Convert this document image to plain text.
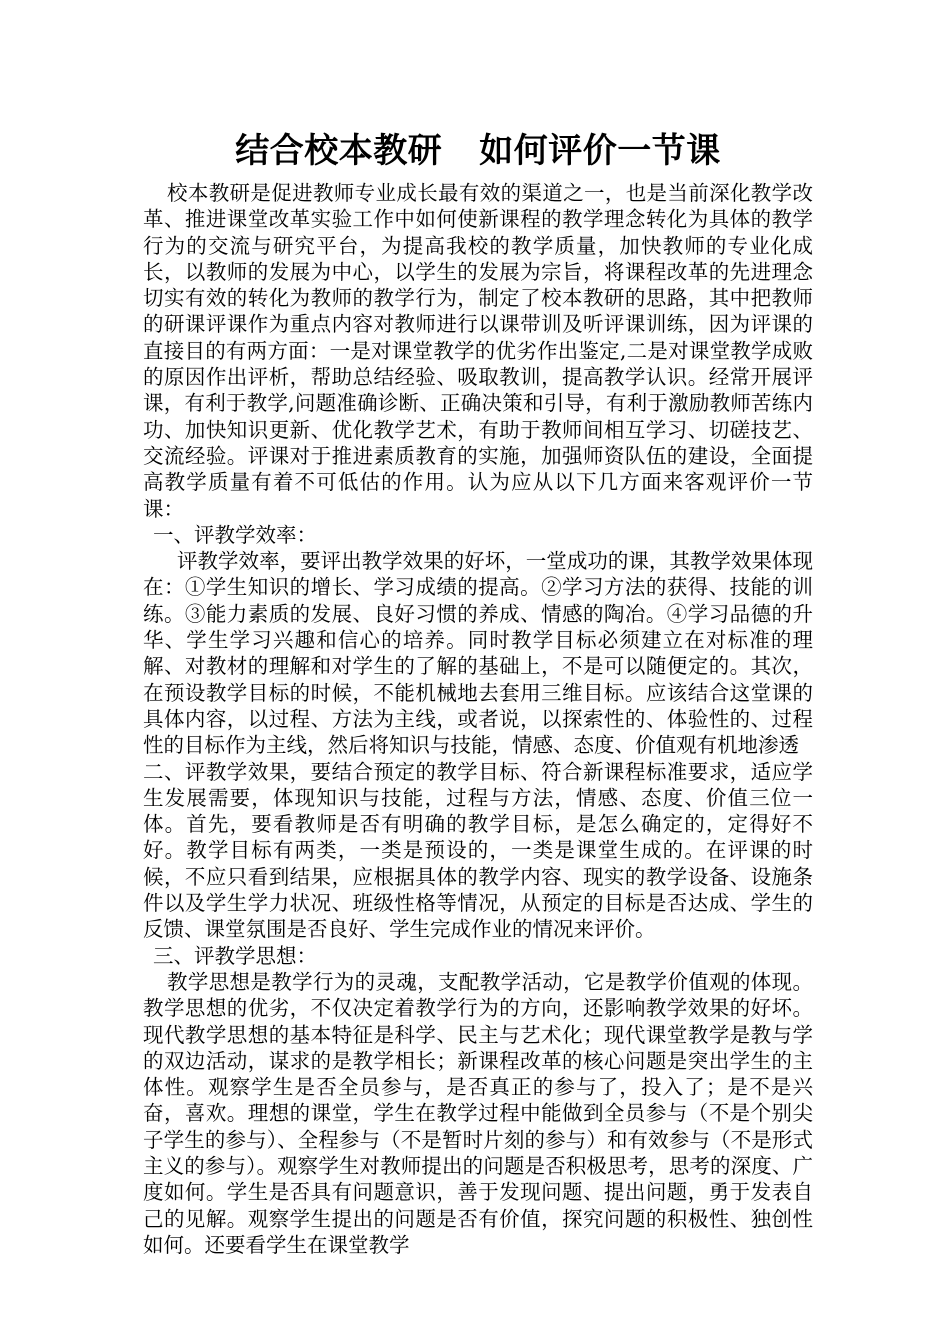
结合校本教研   如何评价一节课

校本教研是促进教师专业成长最有效的渠道之一，也是当前深化教学改革、推进课堂改革实验工作中如何使新课程的教学理念转化为具体的教学行为的交流与研究平台，为提高我校的教学质量，加快教师的专业化成长，以教师的发展为中心，以学生的发展为宗旨，将课程改革的先进理念切实有效的转化为教师的教学行为，制定了校本教研的思路，其中把教师的研课评课作为重点内容对教师进行以课带训及听评课训练，因为评课的直接目的有两方面：一是对课堂教学的优劣作出鉴定,二是对课堂教学成败的原因作出评析，帮助总结经验、吸取教训，提高教学认识。经常开展评课，有利于教学,问题准确诊断、正确决策和引导，有利于激励教师苦练内功、加快知识更新、优化教学艺术，有助于教师间相互学习、切磋技艺、交流经验。评课对于推进素质教育的实施，加强师资队伍的建设，全面提高教学质量有着不可低估的作用。认为应从以下几方面来客观评价一节课：

一、评教学效率：

评教学效率，要评出教学效果的好坏，一堂成功的课，其教学效果体现在：①学生知识的增长、学习成绩的提高。②学习方法的获得、技能的训练。③能力素质的发展、良好习惯的养成、情感的陶冶。④学习品德的升华、学生学习兴趣和信心的培养。同时教学目标必须建立在对标准的理解、对教材的理解和对学生的了解的基础上，不是可以随便定的。其次，在预设教学目标的时候，不能机械地去套用三维目标。应该结合这堂课的具体内容，以过程、方法为主线，或者说，以探索性的、体验性的、过程性的目标作为主线，然后将知识与技能，情感、态度、价值观有机地渗透

二、评教学效果，要结合预定的教学目标、符合新课程标准要求，适应学生发展需要，体现知识与技能，过程与方法，情感、态度、价值三位一体。首先，要看教师是否有明确的教学目标，是怎么确定的，定得好不好。教学目标有两类，一类是预设的，一类是课堂生成的。在评课的时候，不应只看到结果，应根据具体的教学内容、现实的教学设备、设施条件以及学生学力状况、班级性格等情况，从预定的目标是否达成、学生的反馈、课堂氛围是否良好、学生完成作业的情况来评价。

三、评教学思想：

教学思想是教学行为的灵魂，支配教学活动，它是教学价值观的体现。教学思想的优劣，不仅决定着教学行为的方向，还影响教学效果的好坏。现代教学思想的基本特征是科学、民主与艺术化；现代课堂教学是教与学的双边活动，谋求的是教学相长；新课程改革的核心问题是突出学生的主体性。观察学生是否全员参与，是否真正的参与了，投入了；是不是兴奋，喜欢。理想的课堂，学生在教学过程中能做到全员参与（不是个别尖子学生的参与）、全程参与（不是暂时片刻的参与）和有效参与（不是形式主义的参与）。观察学生对教师提出的问题是否积极思考，思考的深度、广度如何。学生是否具有问题意识，善于发现问题、提出问题，勇于发表自己的见解。观察学生提出的问题是否有价值，探究问题的积极性、独创性如何。还要看学生在课堂教学
